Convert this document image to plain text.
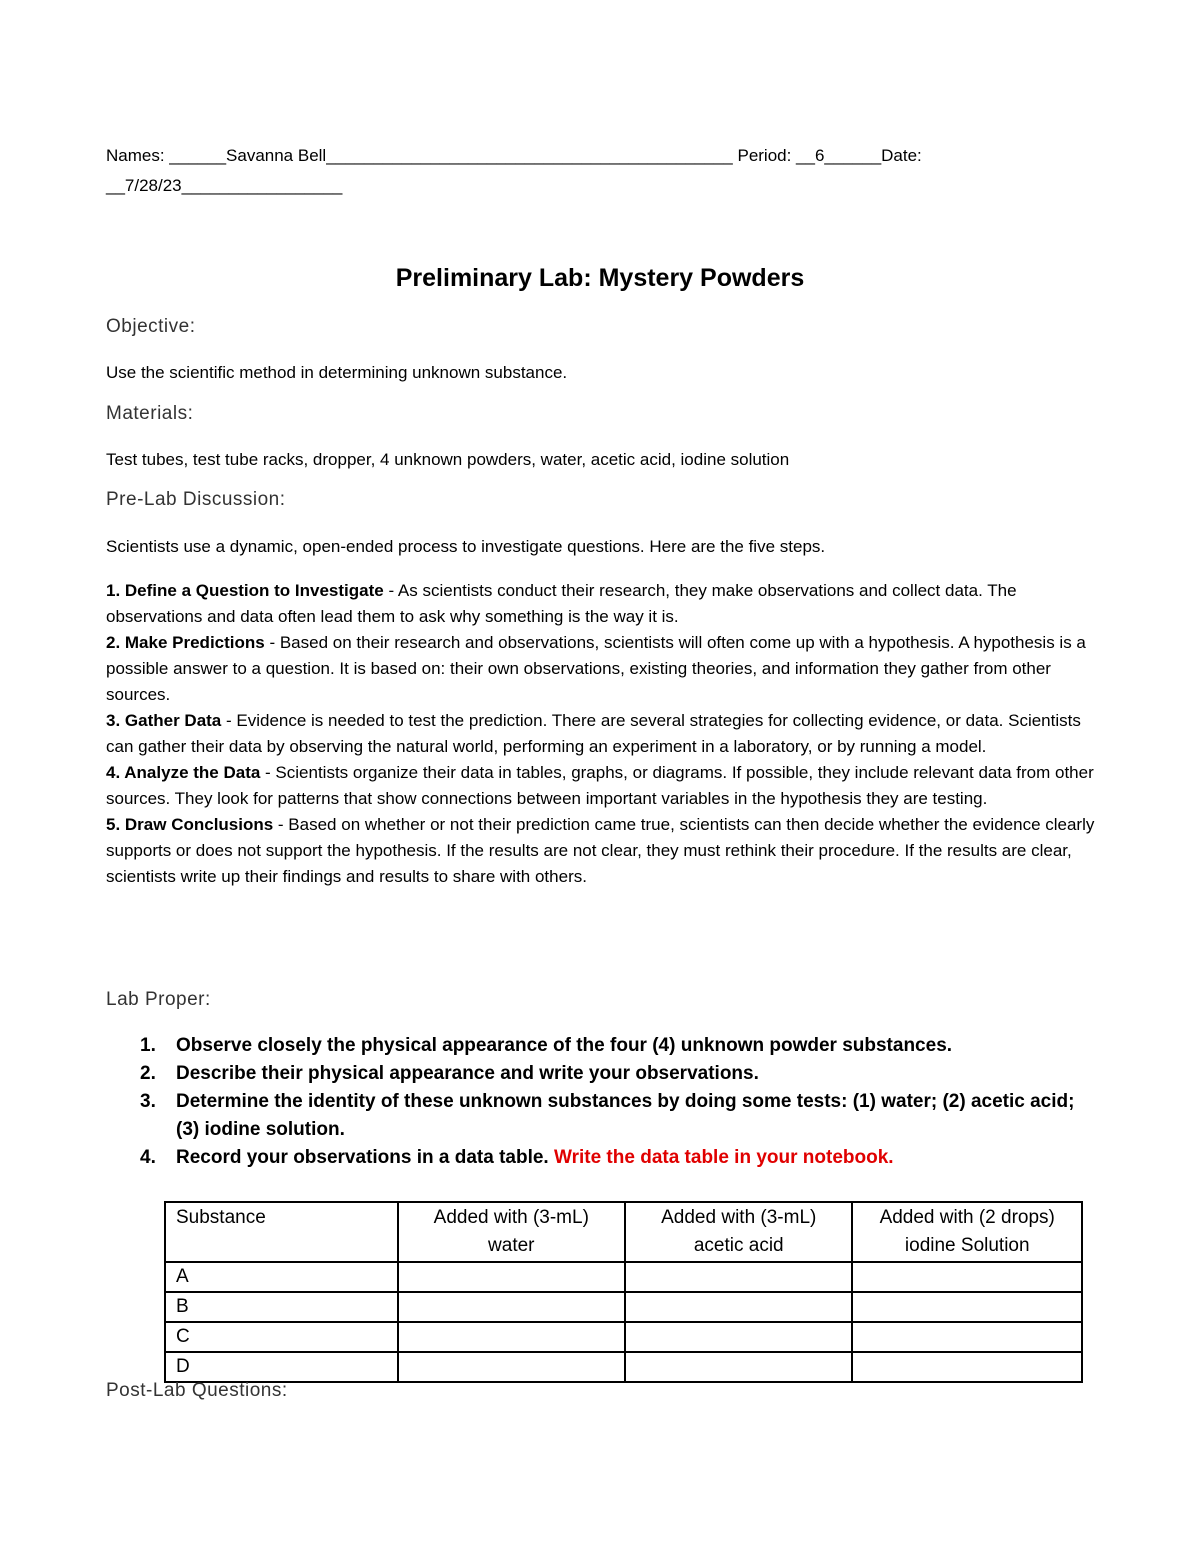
Names: ______Savanna Bell___________________________________________ Period: __6______Date:
__7/28/23_________________
Preliminary Lab: Mystery Powders
Objective:
Use the scientific method in determining unknown substance.
Materials:
Test tubes, test tube racks, dropper, 4 unknown powders, water, acetic acid, iodine solution
Pre-Lab Discussion:
Scientists use a dynamic, open-ended process to investigate questions. Here are the five steps.
1. Define a Question to Investigate - As scientists conduct their research, they make observations and collect data. The observations and data often lead them to ask why something is the way it is.
2. Make Predictions - Based on their research and observations, scientists will often come up with a hypothesis. A hypothesis is a possible answer to a question. It is based on: their own observations, existing theories, and information they gather from other sources.
3. Gather Data - Evidence is needed to test the prediction. There are several strategies for collecting evidence, or data. Scientists can gather their data by observing the natural world, performing an experiment in a laboratory, or by running a model.
4. Analyze the Data - Scientists organize their data in tables, graphs, or diagrams. If possible, they include relevant data from other sources. They look for patterns that show connections between important variables in the hypothesis they are testing.
5. Draw Conclusions - Based on whether or not their prediction came true, scientists can then decide whether the evidence clearly supports or does not support the hypothesis. If the results are not clear, they must rethink their procedure. If the results are clear, scientists write up their findings and results to share with others.
Lab Proper:
1. Observe closely the physical appearance of the four (4) unknown powder substances.
2. Describe their physical appearance and write your observations.
3. Determine the identity of these unknown substances by doing some tests: (1) water; (2) acetic acid; (3) iodine solution.
4. Record your observations in a data table. Write the data table in your notebook.
Substance	Added with (3-mL) water	Added with (3-mL) acetic acid	Added with (2 drops) iodine Solution
A			
B			
C			
D			
Post-Lab Questions:
